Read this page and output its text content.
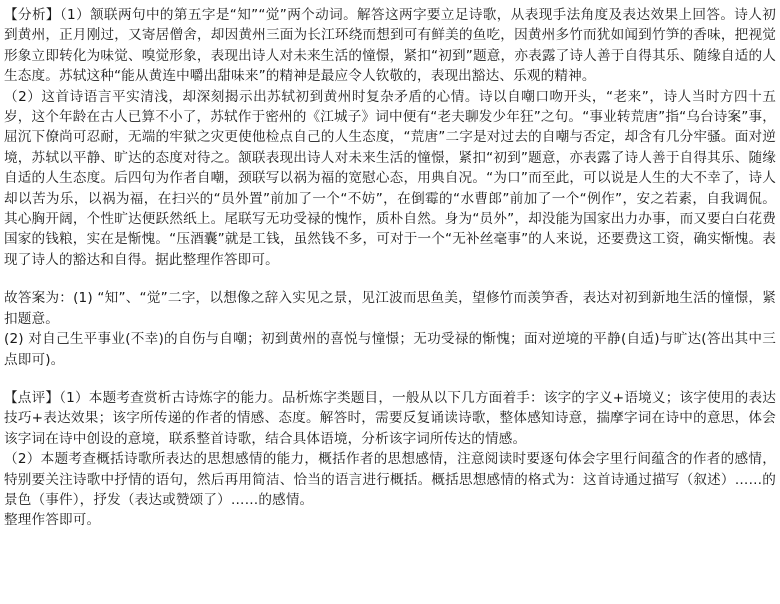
【分析】（1）颔联两句中的第五字是“知”“觉”两个动词。解答这两字要立足诗歌，从表现手法角度及表达效果上回答。诗人初到黄州，正月刚过，又寄居僧舍，却因黄州三面为长江环绕而想到可有鲜美的鱼吃，因黄州多竹而犹如闻到竹笋的香味，把视觉形象立即转化为味觉、嗅觉形象，表现出诗人对未来生活的憧憬，紧扣“初到”题意，亦表露了诗人善于自得其乐、随缘自适的人生态度。苏轼这种“能从黄连中嚼出甜味来”的精神是最应令人钦敬的，表现出豁达、乐观的精神。

（2）这首诗语言平实清浅，却深刻揭示出苏轼初到黄州时复杂矛盾的心情。诗以自嘲口吻开头，“老来”，诗人当时方四十五岁，这个年龄在古人已算不小了，苏轼作于密州的《江城子》词中便有“老夫聊发少年狂”之句。“事业转荒唐”指“乌台诗案”事，屈沉下僚尚可忍耐，无端的牢狱之灾更使他检点自己的人生态度，“荒唐”二字是对过去的自嘲与否定，却含有几分牢骚。面对逆境，苏轼以平静、旷达的态度对待之。颔联表现出诗人对未来生活的憧憬，紧扣“初到”题意，亦表露了诗人善于自得其乐、随缘自适的人生态度。后四句为作者自嘲，颈联写以祸为福的宽慰心态，用典自况。“为口”而至此，可以说是人生的大不幸了，诗人却以苦为乐，以祸为福，在扫兴的“员外置”前加了一个“不妨”，在倒霉的“水曹郎”前加了一个“例作”，安之若素，自我调侃。其心胸开阔，个性旷达便跃然纸上。尾联写无功受禄的愧怍，质朴自然。身为“员外”，却没能为国家出力办事，而又要白白花费国家的钱粮，实在是惭愧。“压酒囊”就是工钱，虽然钱不多，可对于一个“无补丝毫事”的人来说，还要费这工资，确实惭愧。表现了诗人的豁达和自得。据此整理作答即可。

故答案为：(1) “知”、“觉”二字，以想像之辞入实见之景，见江波而思鱼美，望修竹而羡笋香，表达对初到新地生活的憧憬，紧扣题意。

(2) 对自己生平事业(不幸)的自伤与自嘲；初到黄州的喜悦与憧憬；无功受禄的惭愧；面对逆境的平静(自适)与旷达(答出其中三点即可)。

【点评】（1）本题考查赏析古诗炼字的能力。品析炼字类题目，一般从以下几方面着手：该字的字义+语境义；该字使用的表达技巧+表达效果；该字所传递的作者的情感、态度。解答时，需要反复诵读诗歌，整体感知诗意，揣摩字词在诗中的意思，体会该字词在诗中创设的意境，联系整首诗歌，结合具体语境，分析该字词所传达的情感。

（2）本题考查概括诗歌所表达的思想感情的能力，概括作者的思想感情，注意阅读时要逐句体会字里行间蕴含的作者的感情，特别要关注诗歌中抒情的语句，然后再用简洁、恰当的语言进行概括。概括思想感情的格式为：这首诗通过描写（叙述）……的景色（事件），抒发（表达或赞颂了）……的感情。

整理作答即可。
